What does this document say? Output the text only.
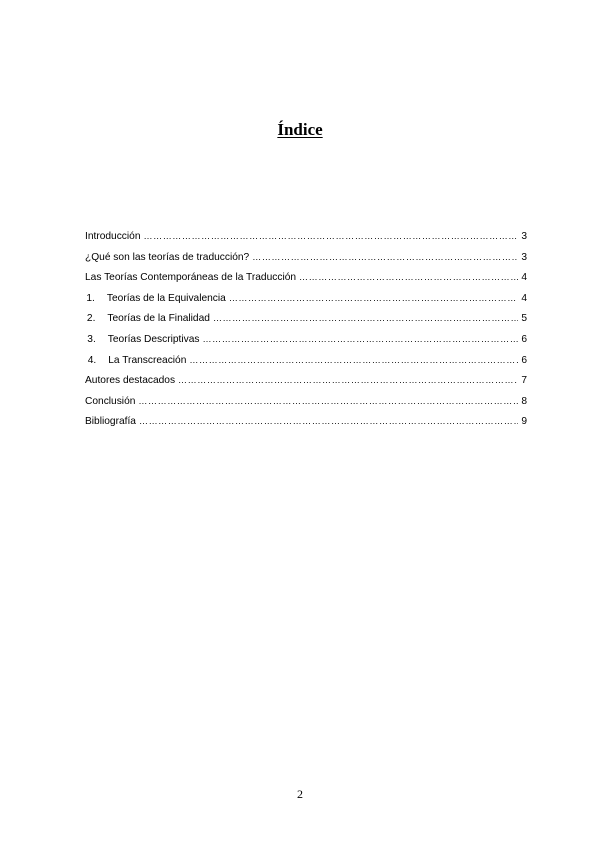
Índice
Introducción …………………………………………………………………………………………………………………………………………………………………	3
¿Qué son las teorías de traducción? …………………………………………………………………………………………………………………………………………………………………	3
Las Teorías Contemporáneas de la Traducción …………………………………………………………………………………………………………………………………………………………………	4
1. Teorías de la Equivalencia …………………………………………………………………………………………………………………………………………………………………	4
2. Teorías de la Finalidad …………………………………………………………………………………………………………………………………………………………………	5
3. Teorías Descriptivas …………………………………………………………………………………………………………………………………………………………………	6
4. La Transcreación …………………………………………………………………………………………………………………………………………………………………	6
Autores destacados …………………………………………………………………………………………………………………………………………………………………	7
Conclusión …………………………………………………………………………………………………………………………………………………………………	8
Bibliografía …………………………………………………………………………………………………………………………………………………………………	9
2
